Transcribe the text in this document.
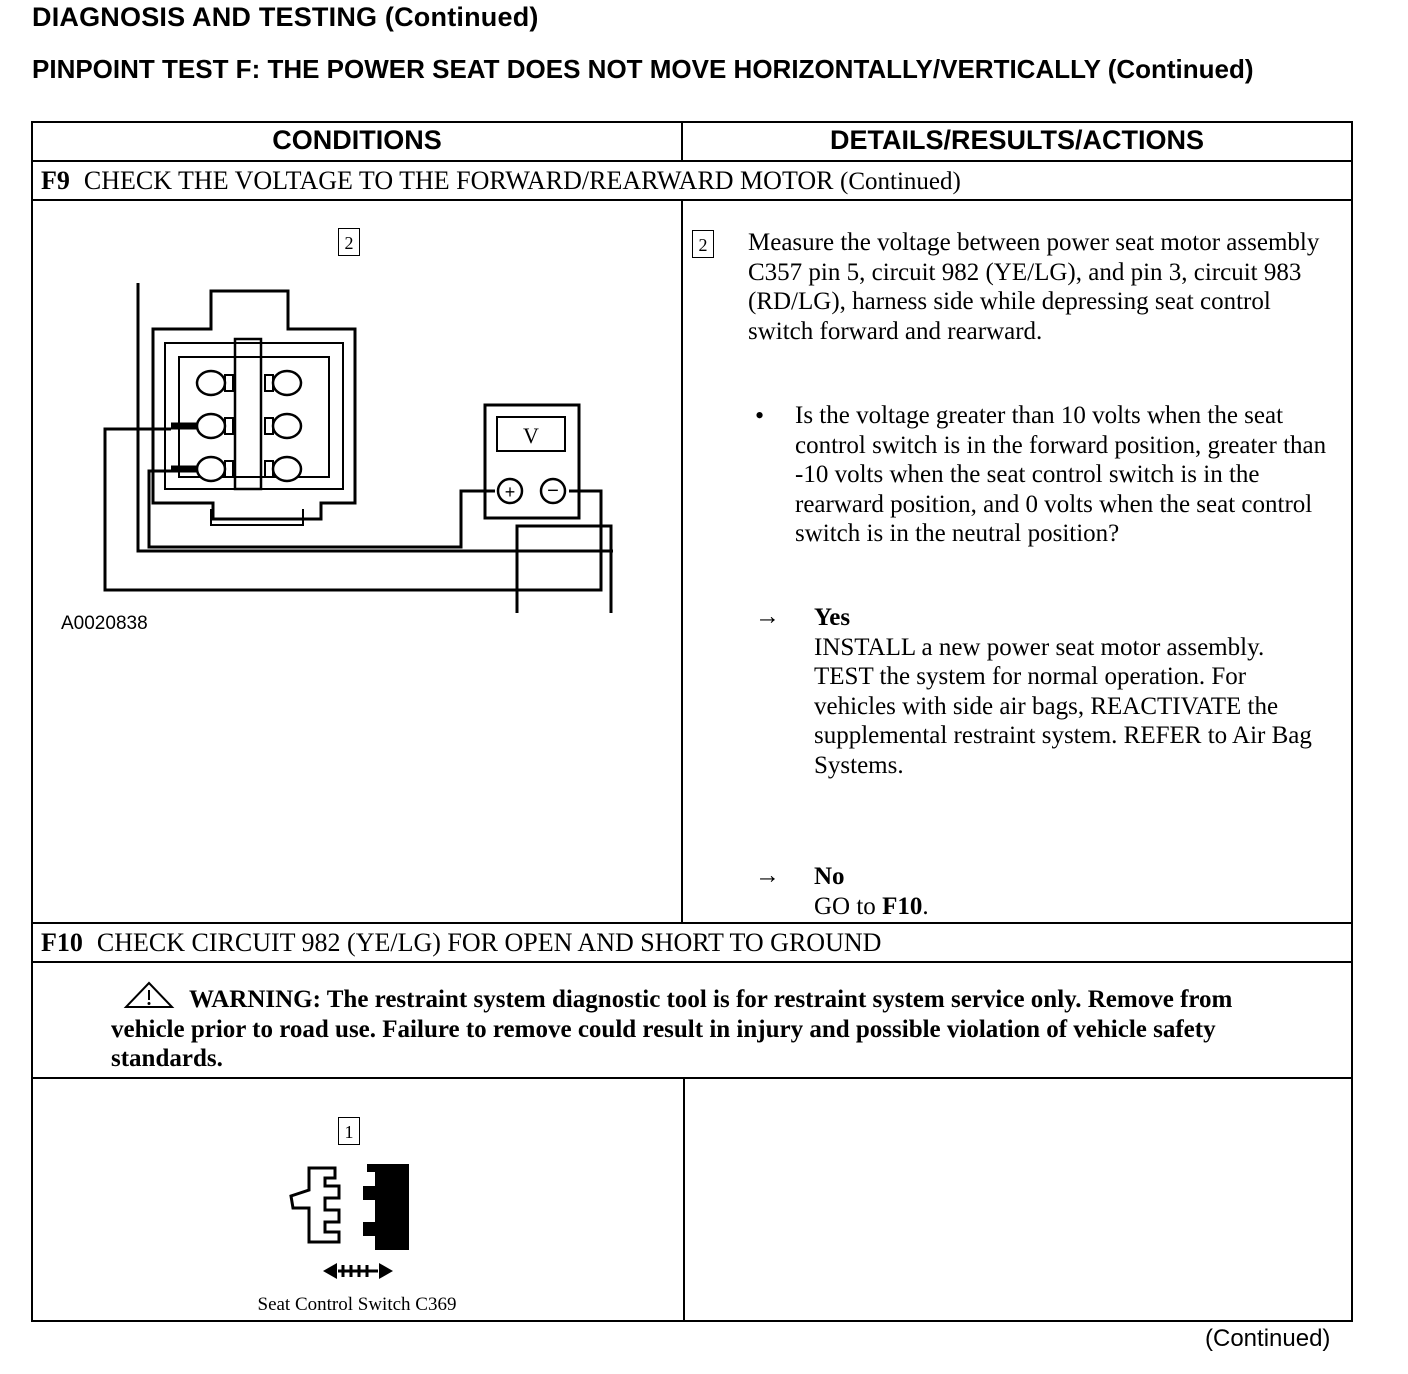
DIAGNOSIS AND TESTING (Continued)
PINPOINT TEST F: THE POWER SEAT DOES NOT MOVE HORIZONTALLY/VERTICALLY (Continued)
CONDITIONS	DETAILS/RESULTS/ACTIONS
F9 CHECK THE VOLTAGE TO THE FORWARD/REARWARD MOTOR (Continued)
2
V
+ −
A0020838
2 Measure the voltage between power seat motor assembly C357 pin 5, circuit 982 (YE/LG), and pin 3, circuit 983 (RD/LG), harness side while depressing seat control switch forward and rearward.
• Is the voltage greater than 10 volts when the seat control switch is in the forward position, greater than -10 volts when the seat control switch is in the rearward position, and 0 volts when the seat control switch is in the neutral position?
→ Yes
INSTALL a new power seat motor assembly. TEST the system for normal operation. For vehicles with side air bags, REACTIVATE the supplemental restraint system. REFER to Air Bag Systems.
→ No
GO to F10.
F10 CHECK CIRCUIT 982 (YE/LG) FOR OPEN AND SHORT TO GROUND
WARNING: The restraint system diagnostic tool is for restraint system service only. Remove from vehicle prior to road use. Failure to remove could result in injury and possible violation of vehicle safety standards.
1
Seat Control Switch C369
(Continued)
